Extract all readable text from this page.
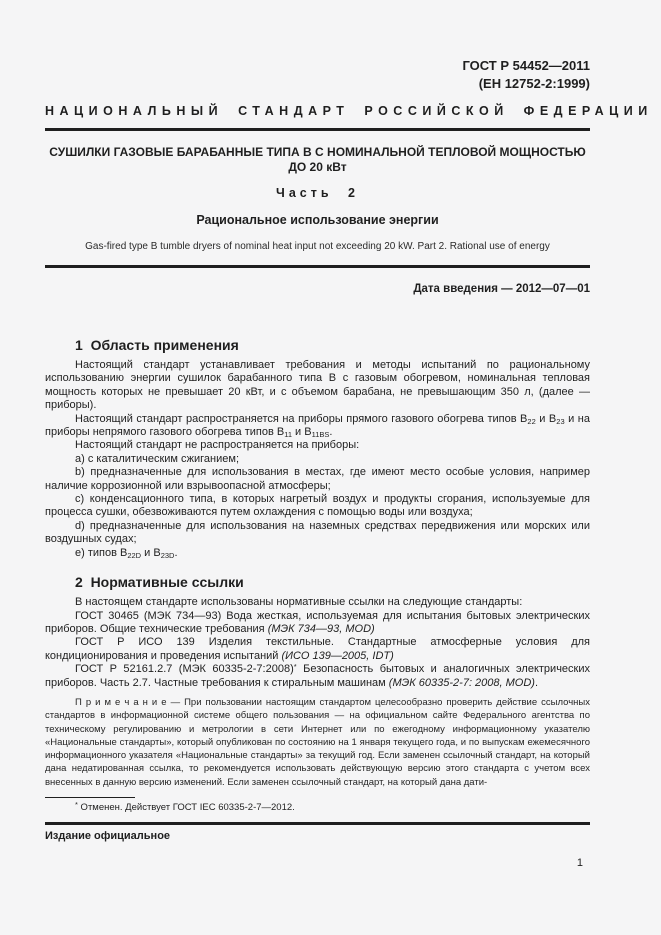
ГОСТ Р 54452—2011
(ЕН 12752-2:1999)
НАЦИОНАЛЬНЫЙ СТАНДАРТ РОССИЙСКОЙ ФЕДЕРАЦИИ
СУШИЛКИ ГАЗОВЫЕ БАРАБАННЫЕ ТИПА В С НОМИНАЛЬНОЙ ТЕПЛОВОЙ МОЩНОСТЬЮ
ДО 20 кВт
Часть 2
Рациональное использование энергии
Gas-fired type B tumble dryers of nominal heat input not exceeding 20 kW. Part 2. Rational use of energy
Дата введения — 2012—07—01
1  Область применения

Настоящий стандарт устанавливает требования и методы испытаний по рациональному использованию энергии сушилок барабанного типа В с газовым обогревом, номинальная тепловая мощность которых не превышает 20 кВт, и с объемом барабана, не превышающим 350 л, (далее — приборы).

Настоящий стандарт распространяется на приборы прямого газового обогрева типов $B_{22}$ и $B_{23}$ и на приборы непрямого газового обогрева типов $B_{11}$ и $B_{11BS}$.

Настоящий стандарт не распространяется на приборы:

a) с каталитическим сжиганием;

b) предназначенные для использования в местах, где имеют место особые условия, например наличие коррозионной или взрывоопасной атмосферы;

c) конденсационного типа, в которых нагретый воздух и продукты сгорания, используемые для процесса сушки, обезвоживаются путем охлаждения с помощью воды или воздуха;

d) предназначенные для использования на наземных средствах передвижения или морских или воздушных судах;

e) типов $B_{22D}$ и $B_{23D}$.

2  Нормативные ссылки

В настоящем стандарте использованы нормативные ссылки на следующие стандарты:

ГОСТ 30465 (МЭК 734—93) Вода жесткая, используемая для испытания бытовых электрических приборов. Общие технические требования (МЭК 734—93, MOD)

ГОСТ Р ИСО 139 Изделия текстильные. Стандартные атмосферные условия для кондиционирования и проведения испытаний (ИСО 139—2005, IDT)

ГОСТ Р 52161.2.7 (МЭК 60335-2-7:2008)* Безопасность бытовых и аналогичных электрических приборов. Часть 2.7. Частные требования к стиральным машинам (МЭК 60335-2-7: 2008, MOD).

П р и м е ч а н и е — При пользовании настоящим стандартом целесообразно проверить действие ссылочных стандартов в информационной системе общего пользования — на официальном сайте Федерального агентства по техническому регулированию и метрологии в сети Интернет или по ежегодному информационному указателю «Национальные стандарты», который опубликован по состоянию на 1 января текущего года, и по выпускам ежемесячного информационного указателя «Национальные стандарты» за текущий год. Если заменен ссылочный стандарт, на который дана недатированная ссылка, то рекомендуется использовать действующую версию этого стандарта с учетом всех внесенных в данную версию изменений. Если заменен ссылочный стандарт, на который дана дати-

* Отменен. Действует ГОСТ IEC 60335-2-7—2012.

Издание официальное
1
